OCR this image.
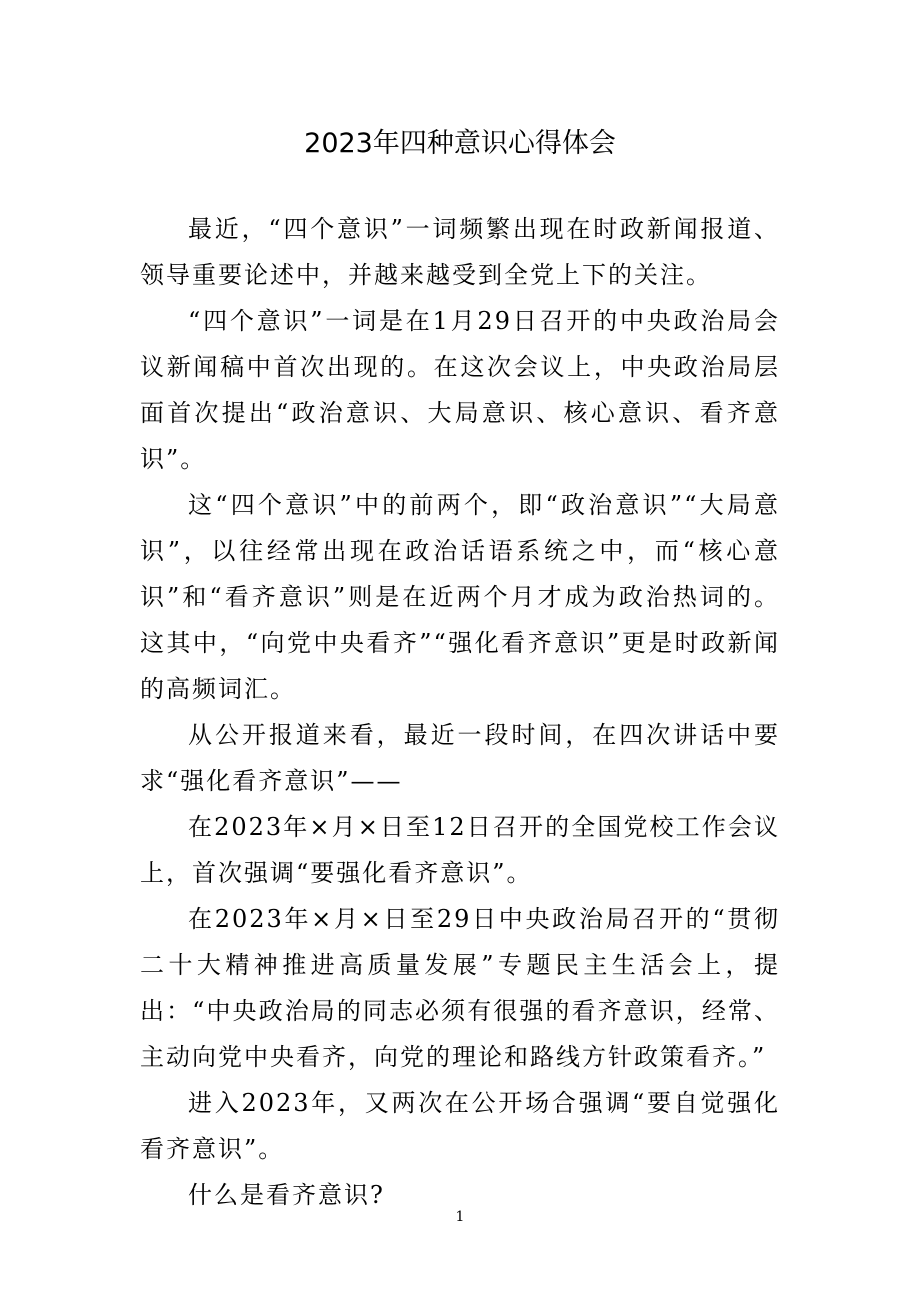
2023年四种意识心得体会

最近，“四个意识”一词频繁出现在时政新闻报道、领导重要论述中，并越来越受到全党上下的关注。

“四个意识”一词是在1月29日召开的中央政治局会议新闻稿中首次出现的。在这次会议上，中央政治局层面首次提出“政治意识、大局意识、核心意识、看齐意识”。

这“四个意识”中的前两个，即“政治意识”“大局意识”，以往经常出现在政治话语系统之中，而“核心意识”和“看齐意识”则是在近两个月才成为政治热词的。这其中，“向党中央看齐”“强化看齐意识”更是时政新闻的高频词汇。

从公开报道来看，最近一段时间，在四次讲话中要求“强化看齐意识”——

在2023年×月×日至12日召开的全国党校工作会议上，首次强调“要强化看齐意识”。

在2023年×月×日至29日中央政治局召开的“贯彻二十大精神推进高质量发展”专题民主生活会上，提出：“中央政治局的同志必须有很强的看齐意识，经常、主动向党中央看齐，向党的理论和路线方针政策看齐。”

进入2023年，又两次在公开场合强调“要自觉强化看齐意识”。

什么是看齐意识?

1
